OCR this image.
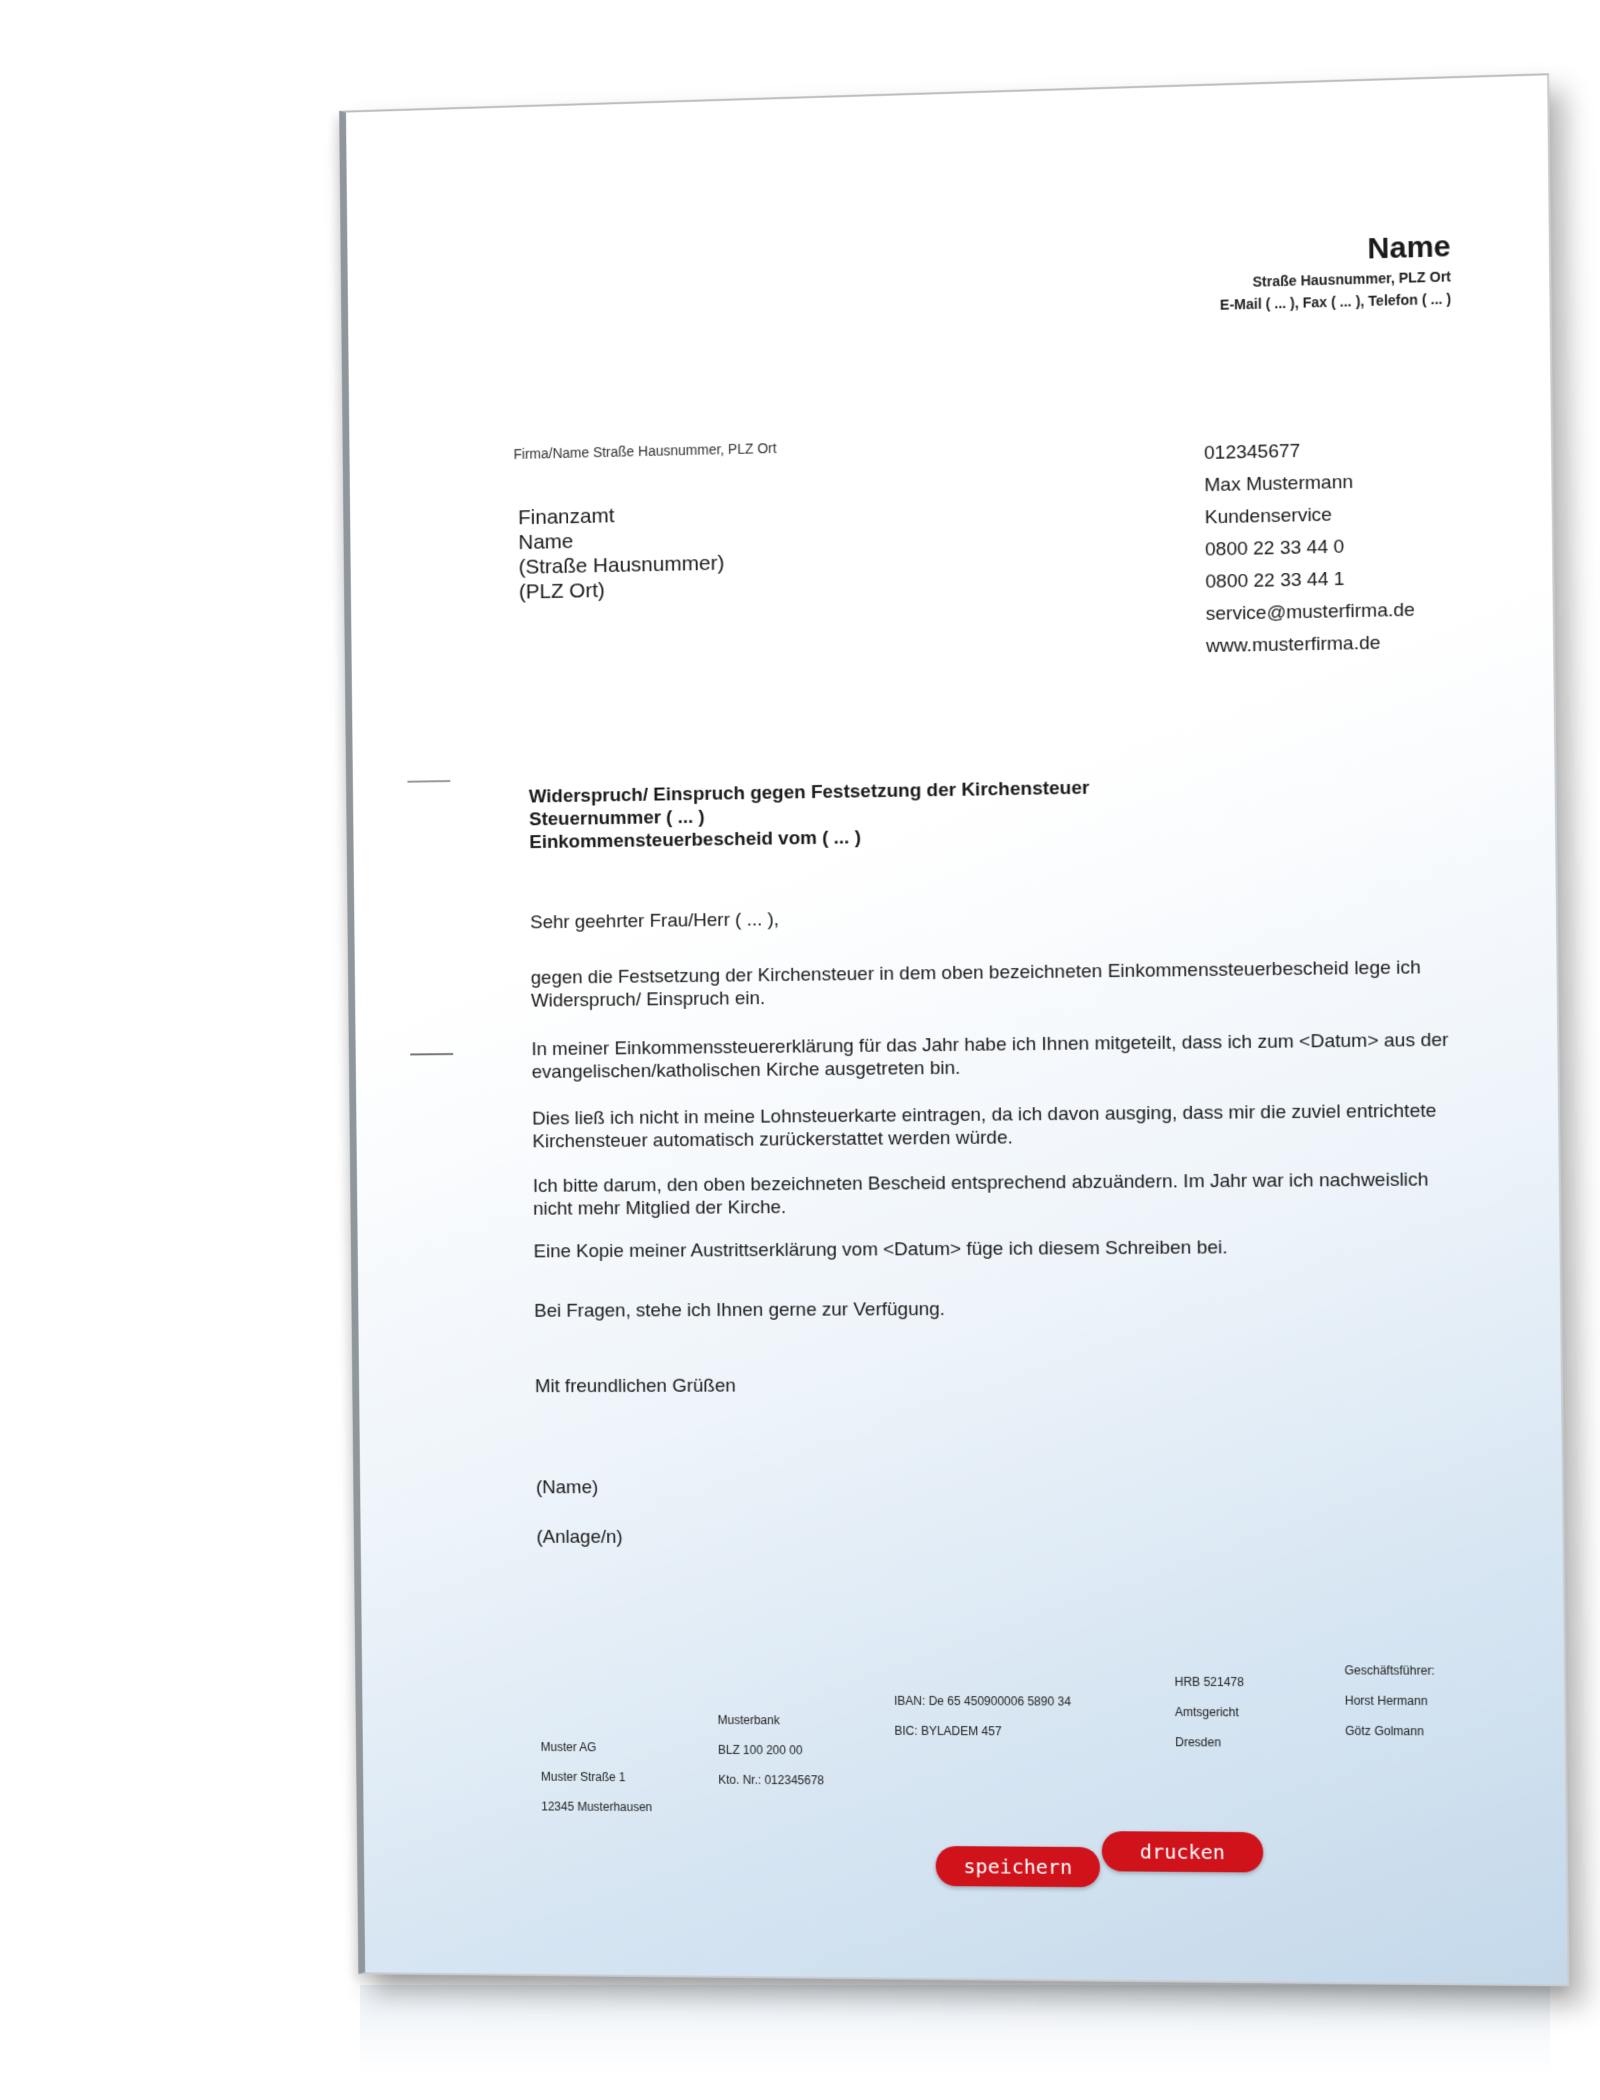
Name
Straße Hausnummer, PLZ Ort
E-Mail ( ... ), Fax ( ... ), Telefon ( ... )
Firma/Name Straße Hausnummer, PLZ Ort
Finanzamt
Name
(Straße Hausnummer)
(PLZ Ort)
012345677
Max Mustermann
Kundenservice
0800 22 33 44 0
0800 22 33 44 1
service@musterfirma.de
www.musterfirma.de
Widerspruch/ Einspruch gegen Festsetzung der Kirchensteuer
Steuernummer ( ... )
Einkommensteuerbescheid vom ( ... )
Sehr geehrter Frau/Herr ( ... ),
gegen die Festsetzung der Kirchensteuer in dem oben bezeichneten Einkommenssteuerbescheid lege ich Widerspruch/ Einspruch ein.
In meiner Einkommenssteuererklärung für das Jahr habe ich Ihnen mitgeteilt, dass ich zum <Datum> aus der evangelischen/katholischen Kirche ausgetreten bin.
Dies ließ ich nicht in meine Lohnsteuerkarte eintragen, da ich davon ausging, dass mir die zuviel entrichtete Kirchensteuer automatisch zurückerstattet werden würde.
Ich bitte darum, den oben bezeichneten Bescheid entsprechend abzuändern. Im Jahr war ich nachweislich nicht mehr Mitglied der Kirche.
Eine Kopie meiner Austrittserklärung vom <Datum> füge ich diesem Schreiben bei.
Bei Fragen, stehe ich Ihnen gerne zur Verfügung.
Mit freundlichen Grüßen
(Name)
(Anlage/n)
Muster AG
Muster Straße 1
12345 Musterhausen
Musterbank
BLZ 100 200 00
Kto. Nr.: 012345678
IBAN: De 65 450900006 5890 34
BIC: BYLADEM 457
HRB 521478
Amtsgericht
Dresden
Geschäftsführer:
Horst Hermann
Götz Golmann
speichern
drucken
